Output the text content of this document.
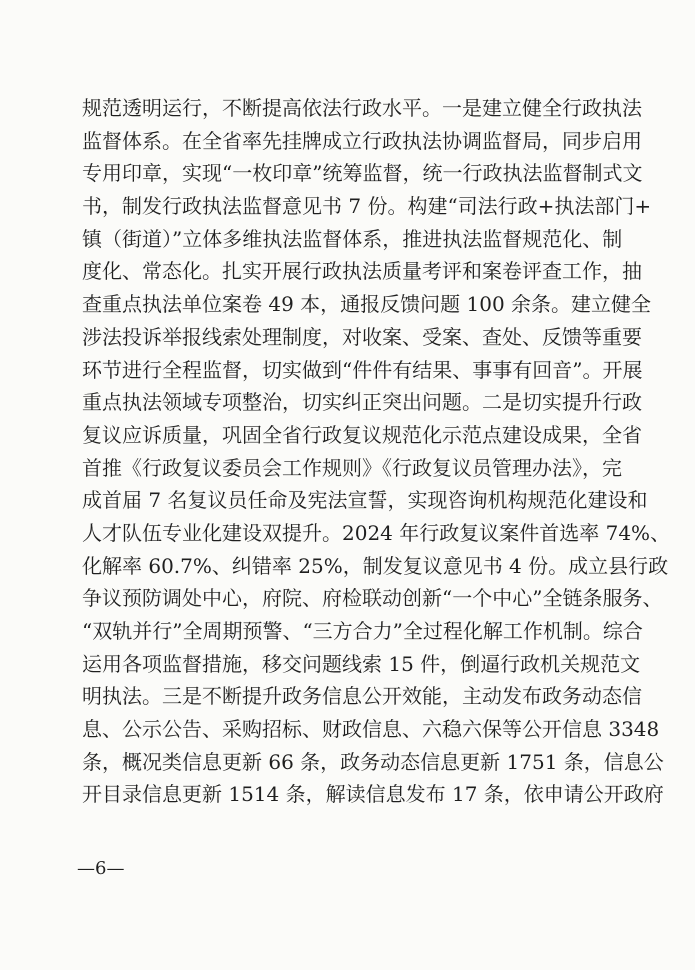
规范透明运行，不断提高依法行政水平。一是建立健全行政执法
监督体系。在全省率先挂牌成立行政执法协调监督局，同步启用
专用印章，实现“一枚印章”统筹监督，统一行政执法监督制式文
书，制发行政执法监督意见书 7 份。构建“司法行政+执法部门+
镇（街道）”立体多维执法监督体系，推进执法监督规范化、制
度化、常态化。扎实开展行政执法质量考评和案卷评查工作，抽
查重点执法单位案卷 49 本，通报反馈问题 100 余条。建立健全
涉法投诉举报线索处理制度，对收案、受案、查处、反馈等重要
环节进行全程监督，切实做到“件件有结果、事事有回音”。开展
重点执法领域专项整治，切实纠正突出问题。二是切实提升行政
复议应诉质量，巩固全省行政复议规范化示范点建设成果，全省
首推《行政复议委员会工作规则》《行政复议员管理办法》，完
成首届 7 名复议员任命及宪法宣誓，实现咨询机构规范化建设和
人才队伍专业化建设双提升。2024 年行政复议案件首选率 74%、
化解率 60.7%、纠错率 25%，制发复议意见书 4 份。成立县行政
争议预防调处中心，府院、府检联动创新“一个中心”全链条服务、
“双轨并行”全周期预警、“三方合力”全过程化解工作机制。综合
运用各项监督措施，移交问题线索 15 件，倒逼行政机关规范文
明执法。三是不断提升政务信息公开效能，主动发布政务动态信
息、公示公告、采购招标、财政信息、六稳六保等公开信息 3348
条，概况类信息更新 66 条，政务动态信息更新 1751 条，信息公
开目录信息更新 1514 条，解读信息发布 17 条，依申请公开政府
—6—
